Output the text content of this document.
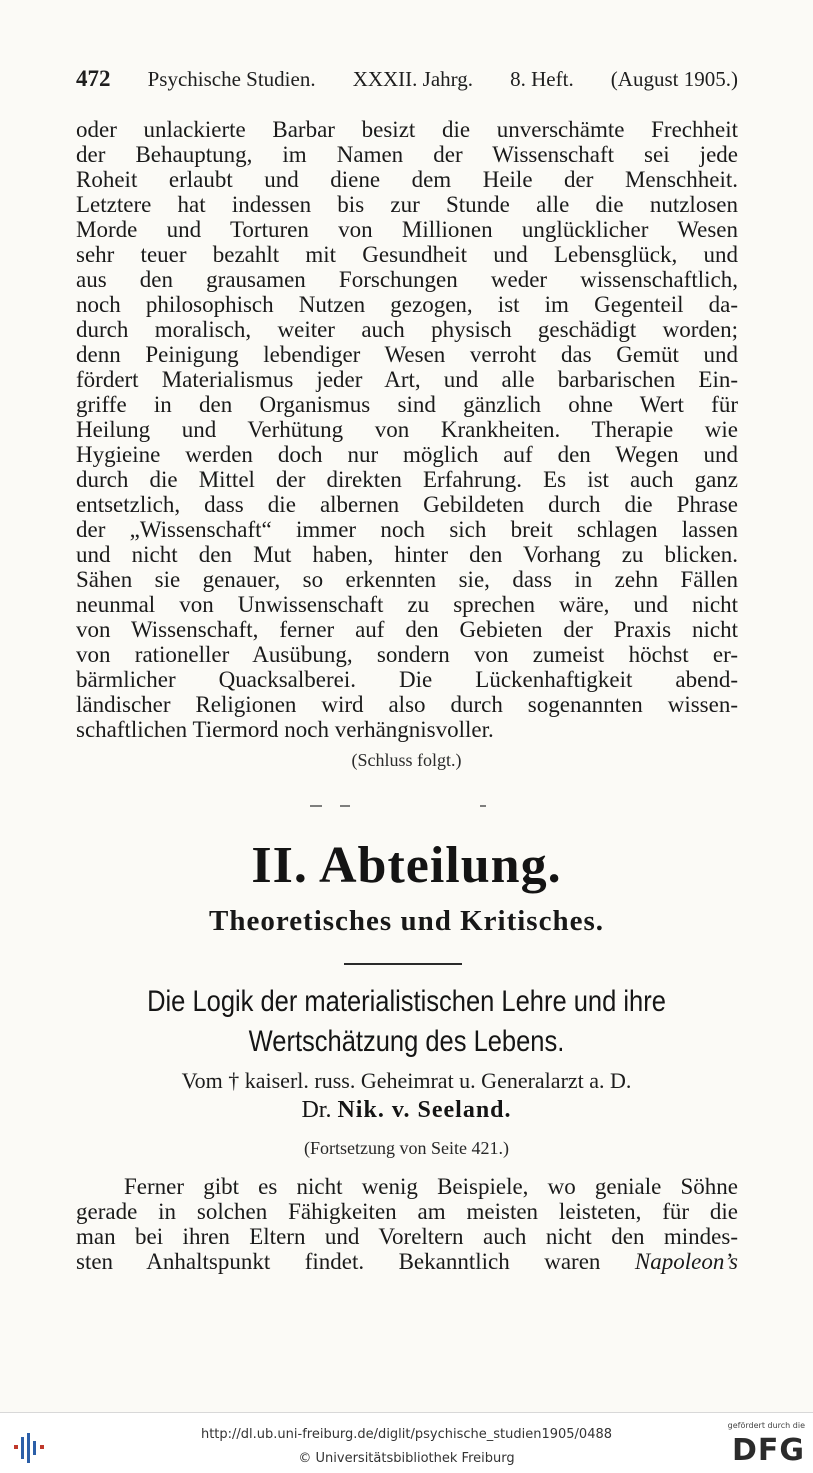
472 Psychische Studien. XXXII. Jahrg. 8. Heft. (August 1905.)
oder unlackierte Barbar besizt die unverschämte Frechheit
der Behauptung, im Namen der Wissenschaft sei jede
Roheit erlaubt und diene dem Heile der Menschheit.
Letztere hat indessen bis zur Stunde alle die nutzlosen
Morde und Torturen von Millionen unglücklicher Wesen
sehr teuer bezahlt mit Gesundheit und Lebensglück, und
aus den grausamen Forschungen weder wissenschaftlich,
noch philosophisch Nutzen gezogen, ist im Gegenteil da-
durch moralisch, weiter auch physisch geschädigt worden;
denn Peinigung lebendiger Wesen verroht das Gemüt und
fördert Materialismus jeder Art, und alle barbarischen Ein-
griffe in den Organismus sind gänzlich ohne Wert für
Heilung und Verhütung von Krankheiten. Therapie wie
Hygieine werden doch nur möglich auf den Wegen und
durch die Mittel der direkten Erfahrung. Es ist auch ganz
entsetzlich, dass die albernen Gebildeten durch die Phrase
der „Wissenschaft“ immer noch sich breit schlagen lassen
und nicht den Mut haben, hinter den Vorhang zu blicken.
Sähen sie genauer, so erkennten sie, dass in zehn Fällen
neunmal von Unwissenschaft zu sprechen wäre, und nicht
von Wissenschaft, ferner auf den Gebieten der Praxis nicht
von rationeller Ausübung, sondern von zumeist höchst er-
bärmlicher Quacksalberei. Die Lückenhaftigkeit abend-
ländischer Religionen wird also durch sogenannten wissen-
schaftlichen Tiermord noch verhängnisvoller.
(Schluss folgt.)
II. Abteilung.
Theoretisches und Kritisches.
Die Logik der materialistischen Lehre und ihre
Wertschätzung des Lebens.
Vom † kaiserl. russ. Geheimrat u. Generalarzt a. D.
Dr. Nik. v. Seeland.
(Fortsetzung von Seite 421.)
Ferner gibt es nicht wenig Beispiele, wo geniale Söhne
gerade in solchen Fähigkeiten am meisten leisteten, für die
man bei ihren Eltern und Voreltern auch nicht den mindes-
sten Anhaltspunkt findet. Bekanntlich waren Napoleon’s
http://dl.ub.uni-freiburg.de/diglit/psychische_studien1905/0488
© Universitätsbibliothek Freiburg
gefördert durch die
DFG
